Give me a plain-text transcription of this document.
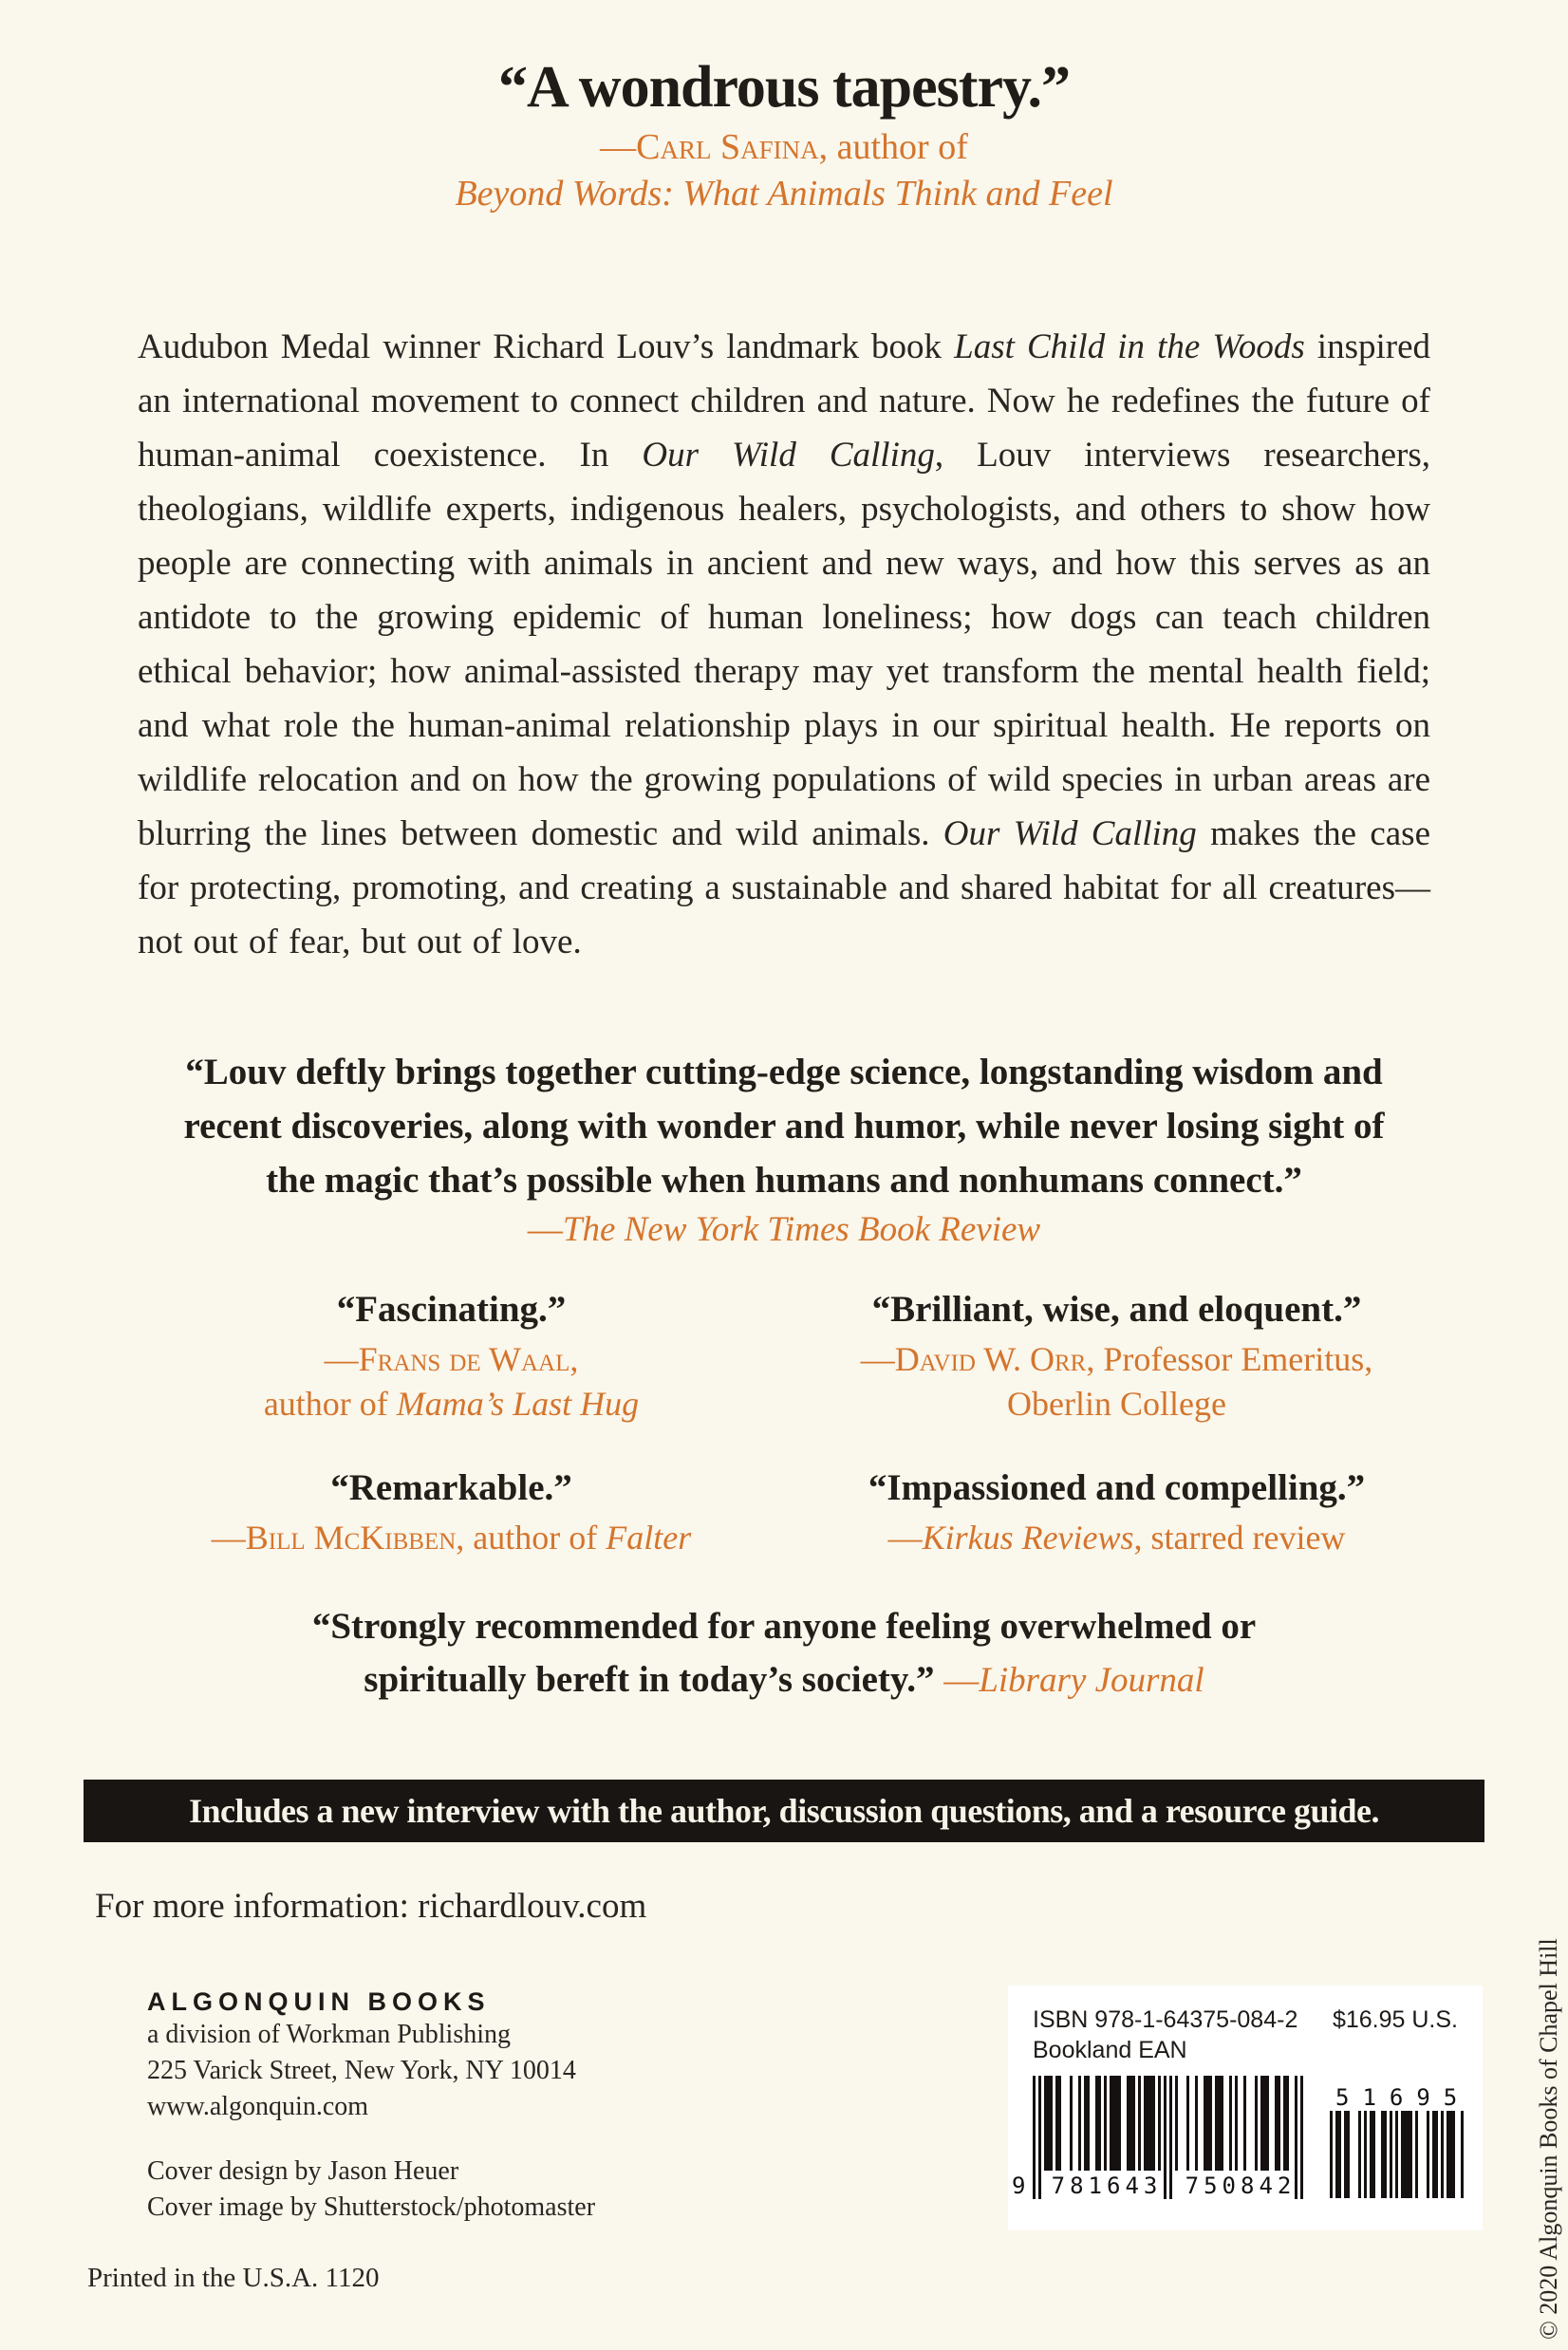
“A wondrous tapestry.”
—Carl Safina, author of
Beyond Words: What Animals Think and Feel

Audubon Medal winner Richard Louv’s landmark book Last Child in the Woods inspired an international movement to connect children and nature. Now he redefines the future of human-animal coexistence. In Our Wild Calling, Louv interviews researchers, theologians, wildlife experts, indigenous healers, psychologists, and others to show how people are connecting with animals in ancient and new ways, and how this serves as an antidote to the growing epidemic of human loneliness; how dogs can teach children ethical behavior; how animal-assisted therapy may yet transform the mental health field; and what role the human-animal relationship plays in our spiritual health. He reports on wildlife relocation and on how the growing populations of wild species in urban areas are blurring the lines between domestic and wild animals. Our Wild Calling makes the case for protecting, promoting, and creating a sustainable and shared habitat for all creatures—not out of fear, but out of love.

“Louv deftly brings together cutting-edge science, longstanding wisdom and recent discoveries, along with wonder and humor, while never losing sight of the magic that’s possible when humans and nonhumans connect.”
—The New York Times Book Review
“Fascinating.”
—Frans de Waal,
author of Mama’s Last Hug
“Brilliant, wise, and eloquent.”
—David W. Orr, Professor Emeritus,
Oberlin College
“Remarkable.”
—Bill McKibben, author of Falter
“Impassioned and compelling.”
—Kirkus Reviews, starred review
“Strongly recommended for anyone feeling overwhelmed or spiritually bereft in today’s society.” —Library Journal
Includes a new interview with the author, discussion questions, and a resource guide.
For more information: richardlouv.com
ALGONQUIN BOOKS
a division of Workman Publishing
225 Varick Street, New York, NY 10014
www.algonquin.com
Cover design by Jason Heuer
Cover image by Shutterstock/photomaster
Printed in the U.S.A. 1120
ISBN 978-1-64375-084-2 $16.95 U.S.
Bookland EAN
9	781643	750842
51695	© 2020 Algonquin Books of Chapel Hill
